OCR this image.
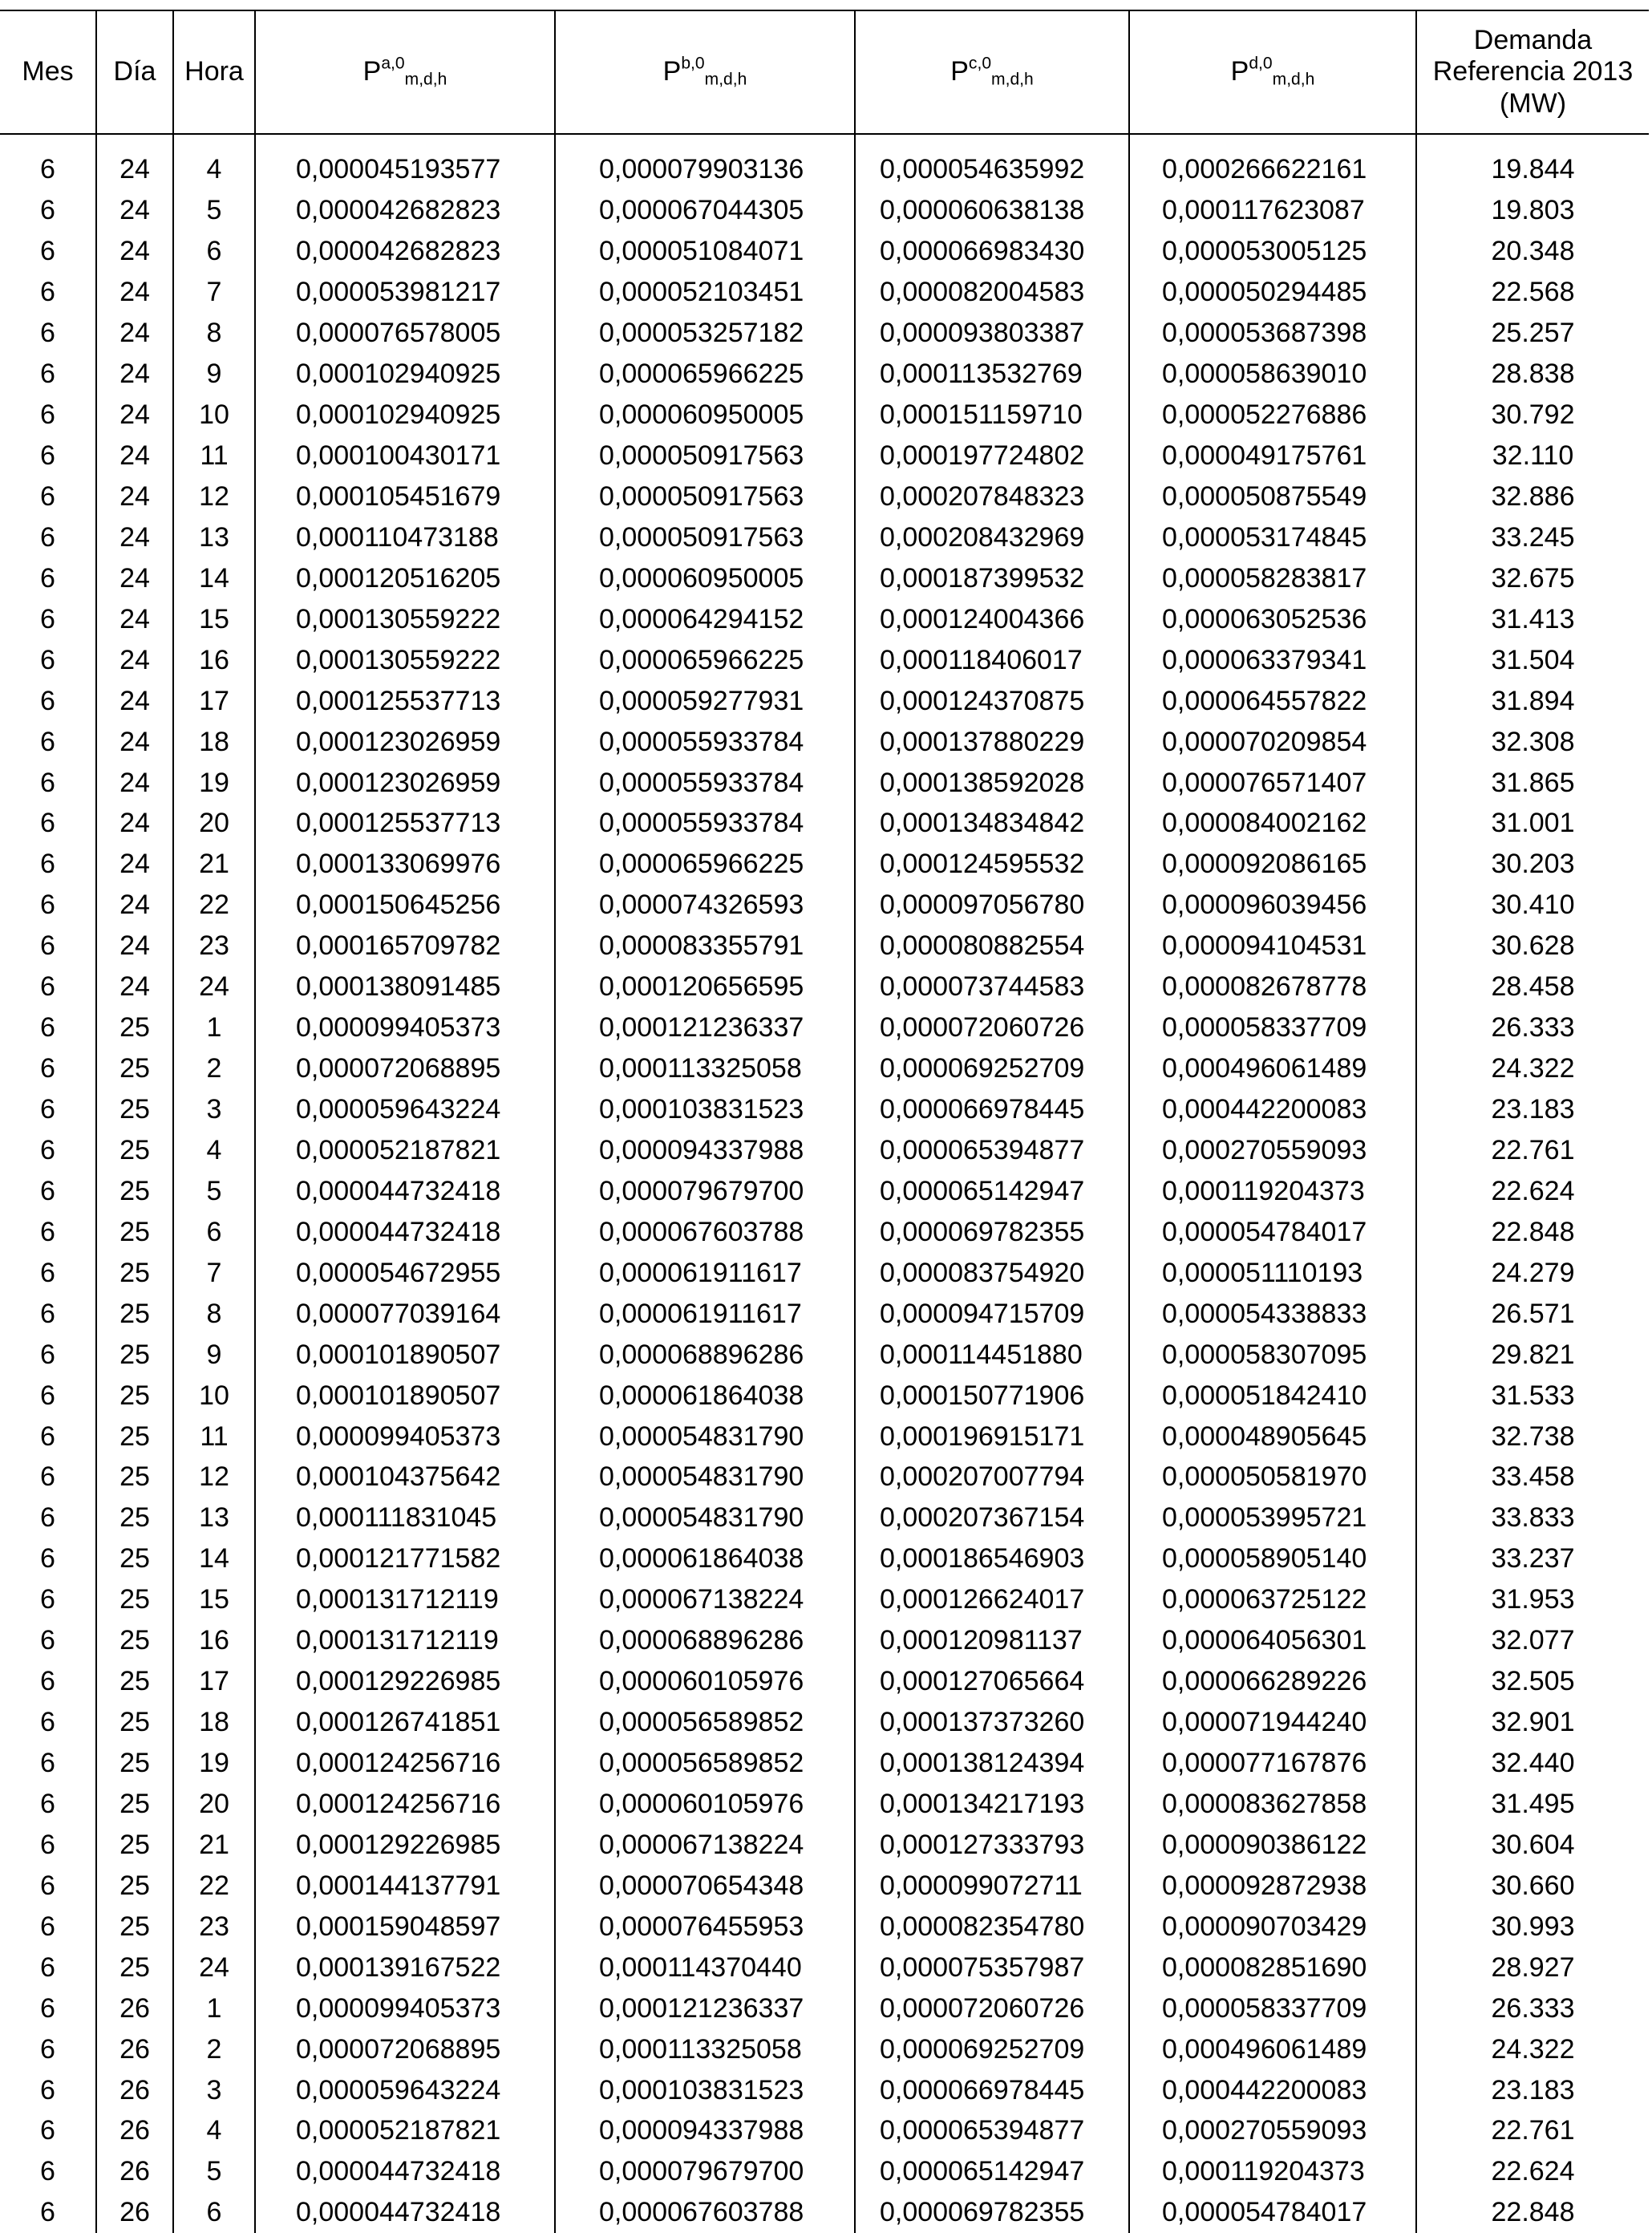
Mes	Día	Hora	P$^{a,0}_{m,d,h}$	P$^{b,0}_{m,d,h}$	P$^{c,0}_{m,d,h}$	P$^{d,0}_{m,d,h}$	Demanda
Referencia 2013
(MW)

6	24	4	0,000045193577	0,000079903136	0,000054635992	0,000266622161	19.844
6	24	5	0,000042682823	0,000067044305	0,000060638138	0,000117623087	19.803
6	24	6	0,000042682823	0,000051084071	0,000066983430	0,000053005125	20.348
6	24	7	0,000053981217	0,000052103451	0,000082004583	0,000050294485	22.568
6	24	8	0,000076578005	0,000053257182	0,000093803387	0,000053687398	25.257
6	24	9	0,000102940925	0,000065966225	0,000113532769	0,000058639010	28.838
6	24	10	0,000102940925	0,000060950005	0,000151159710	0,000052276886	30.792
6	24	11	0,000100430171	0,000050917563	0,000197724802	0,000049175761	32.110
6	24	12	0,000105451679	0,000050917563	0,000207848323	0,000050875549	32.886
6	24	13	0,000110473188	0,000050917563	0,000208432969	0,000053174845	33.245
6	24	14	0,000120516205	0,000060950005	0,000187399532	0,000058283817	32.675
6	24	15	0,000130559222	0,000064294152	0,000124004366	0,000063052536	31.413
6	24	16	0,000130559222	0,000065966225	0,000118406017	0,000063379341	31.504
6	24	17	0,000125537713	0,000059277931	0,000124370875	0,000064557822	31.894
6	24	18	0,000123026959	0,000055933784	0,000137880229	0,000070209854	32.308
6	24	19	0,000123026959	0,000055933784	0,000138592028	0,000076571407	31.865
6	24	20	0,000125537713	0,000055933784	0,000134834842	0,000084002162	31.001
6	24	21	0,000133069976	0,000065966225	0,000124595532	0,000092086165	30.203
6	24	22	0,000150645256	0,000074326593	0,000097056780	0,000096039456	30.410
6	24	23	0,000165709782	0,000083355791	0,000080882554	0,000094104531	30.628
6	24	24	0,000138091485	0,000120656595	0,000073744583	0,000082678778	28.458
6	25	1	0,000099405373	0,000121236337	0,000072060726	0,000058337709	26.333
6	25	2	0,000072068895	0,000113325058	0,000069252709	0,000496061489	24.322
6	25	3	0,000059643224	0,000103831523	0,000066978445	0,000442200083	23.183
6	25	4	0,000052187821	0,000094337988	0,000065394877	0,000270559093	22.761
6	25	5	0,000044732418	0,000079679700	0,000065142947	0,000119204373	22.624
6	25	6	0,000044732418	0,000067603788	0,000069782355	0,000054784017	22.848
6	25	7	0,000054672955	0,000061911617	0,000083754920	0,000051110193	24.279
6	25	8	0,000077039164	0,000061911617	0,000094715709	0,000054338833	26.571
6	25	9	0,000101890507	0,000068896286	0,000114451880	0,000058307095	29.821
6	25	10	0,000101890507	0,000061864038	0,000150771906	0,000051842410	31.533
6	25	11	0,000099405373	0,000054831790	0,000196915171	0,000048905645	32.738
6	25	12	0,000104375642	0,000054831790	0,000207007794	0,000050581970	33.458
6	25	13	0,000111831045	0,000054831790	0,000207367154	0,000053995721	33.833
6	25	14	0,000121771582	0,000061864038	0,000186546903	0,000058905140	33.237
6	25	15	0,000131712119	0,000067138224	0,000126624017	0,000063725122	31.953
6	25	16	0,000131712119	0,000068896286	0,000120981137	0,000064056301	32.077
6	25	17	0,000129226985	0,000060105976	0,000127065664	0,000066289226	32.505
6	25	18	0,000126741851	0,000056589852	0,000137373260	0,000071944240	32.901
6	25	19	0,000124256716	0,000056589852	0,000138124394	0,000077167876	32.440
6	25	20	0,000124256716	0,000060105976	0,000134217193	0,000083627858	31.495
6	25	21	0,000129226985	0,000067138224	0,000127333793	0,000090386122	30.604
6	25	22	0,000144137791	0,000070654348	0,000099072711	0,000092872938	30.660
6	25	23	0,000159048597	0,000076455953	0,000082354780	0,000090703429	30.993
6	25	24	0,000139167522	0,000114370440	0,000075357987	0,000082851690	28.927
6	26	1	0,000099405373	0,000121236337	0,000072060726	0,000058337709	26.333
6	26	2	0,000072068895	0,000113325058	0,000069252709	0,000496061489	24.322
6	26	3	0,000059643224	0,000103831523	0,000066978445	0,000442200083	23.183
6	26	4	0,000052187821	0,000094337988	0,000065394877	0,000270559093	22.761
6	26	5	0,000044732418	0,000079679700	0,000065142947	0,000119204373	22.624
6	26	6	0,000044732418	0,000067603788	0,000069782355	0,000054784017	22.848
